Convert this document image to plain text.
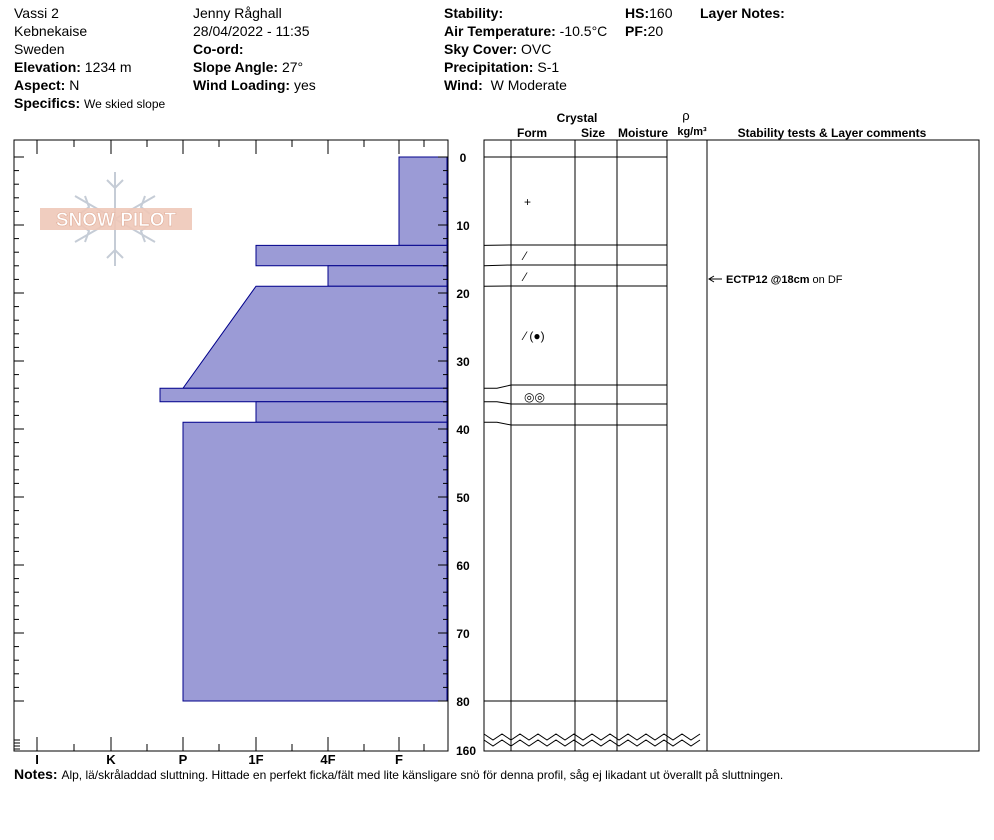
Vassi 2
Kebnekaise
Sweden
Elevation: 1234 m
Aspect: N
Specifics: We skied slope
Jenny Råghall
28/04/2022 - 11:35
Co-ord:
Slope Angle: 27°
Wind Loading: yes
Stability:
Air Temperature: -10.5°C
Sky Cover: OVC
Precipitation: S-1
Wind: W Moderate
HS:160
PF:20
Layer Notes:
Crystal
Form	Size Moisture
ρ
kg/m³	Stability tests & Layer comments
SNOW PILOT
I	K	P	1F	4F	F
0
10
20
30
40
50
60
70
80
160
+
⁄
⁄
⁄ (●)
◎◎
ECTP12 @18cm on DF
Notes: Alp, lä/skråladdad sluttning. Hittade en perfekt ficka/fält med lite känsligare snö för denna profil, såg ej likadant ut överallt på sluttningen.
